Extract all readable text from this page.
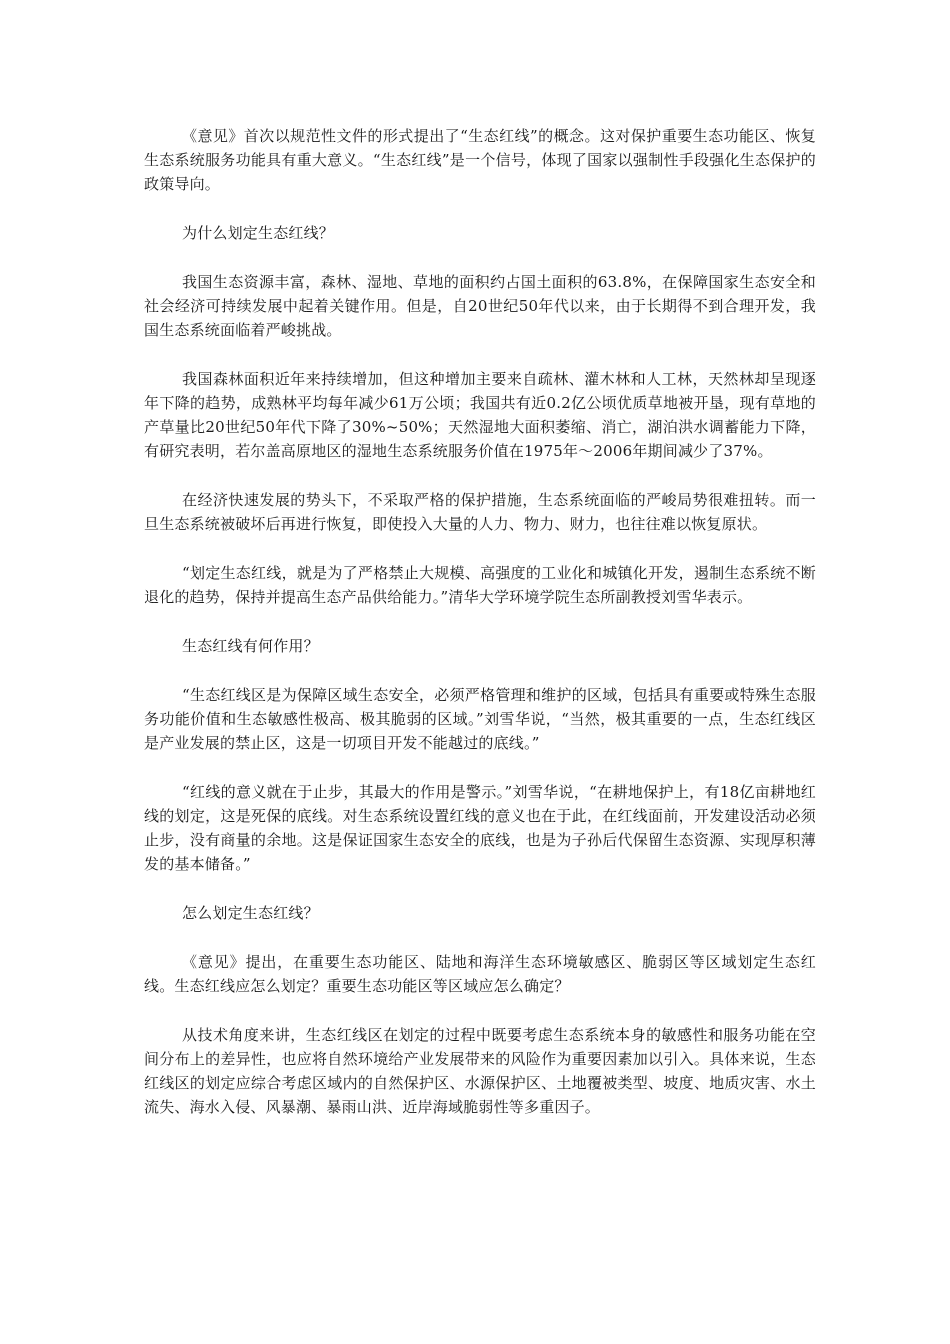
《意见》首次以规范性文件的形式提出了“生态红线”的概念。这对保护重要生态功能区、恢复生态系统服务功能具有重大意义。“生态红线”是一个信号，体现了国家以强制性手段强化生态保护的政策导向。

为什么划定生态红线？

我国生态资源丰富，森林、湿地、草地的面积约占国土面积的63.8%，在保障国家生态安全和社会经济可持续发展中起着关键作用。但是，自20世纪50年代以来，由于长期得不到合理开发，我国生态系统面临着严峻挑战。

我国森林面积近年来持续增加，但这种增加主要来自疏林、灌木林和人工林，天然林却呈现逐年下降的趋势，成熟林平均每年减少61万公顷；我国共有近0.2亿公顷优质草地被开垦，现有草地的产草量比20世纪50年代下降了30%~50%；天然湿地大面积萎缩、消亡，湖泊洪水调蓄能力下降，有研究表明，若尔盖高原地区的湿地生态系统服务价值在1975年～2006年期间减少了37%。

在经济快速发展的势头下，不采取严格的保护措施，生态系统面临的严峻局势很难扭转。而一旦生态系统被破坏后再进行恢复，即使投入大量的人力、物力、财力，也往往难以恢复原状。

“划定生态红线，就是为了严格禁止大规模、高强度的工业化和城镇化开发，遏制生态系统不断退化的趋势，保持并提高生态产品供给能力。”清华大学环境学院生态所副教授刘雪华表示。

生态红线有何作用？

“生态红线区是为保障区域生态安全，必须严格管理和维护的区域，包括具有重要或特殊生态服务功能价值和生态敏感性极高、极其脆弱的区域。”刘雪华说，“当然，极其重要的一点，生态红线区是产业发展的禁止区，这是一切项目开发不能越过的底线。”

“红线的意义就在于止步，其最大的作用是警示。”刘雪华说，“在耕地保护上，有18亿亩耕地红线的划定，这是死保的底线。对生态系统设置红线的意义也在于此，在红线面前，开发建设活动必须止步，没有商量的余地。这是保证国家生态安全的底线，也是为子孙后代保留生态资源、实现厚积薄发的基本储备。”

怎么划定生态红线？

《意见》提出，在重要生态功能区、陆地和海洋生态环境敏感区、脆弱区等区域划定生态红线。生态红线应怎么划定？重要生态功能区等区域应怎么确定？

从技术角度来讲，生态红线区在划定的过程中既要考虑生态系统本身的敏感性和服务功能在空间分布上的差异性，也应将自然环境给产业发展带来的风险作为重要因素加以引入。具体来说，生态红线区的划定应综合考虑区域内的自然保护区、水源保护区、土地覆被类型、坡度、地质灾害、水土流失、海水入侵、风暴潮、暴雨山洪、近岸海域脆弱性等多重因子。
